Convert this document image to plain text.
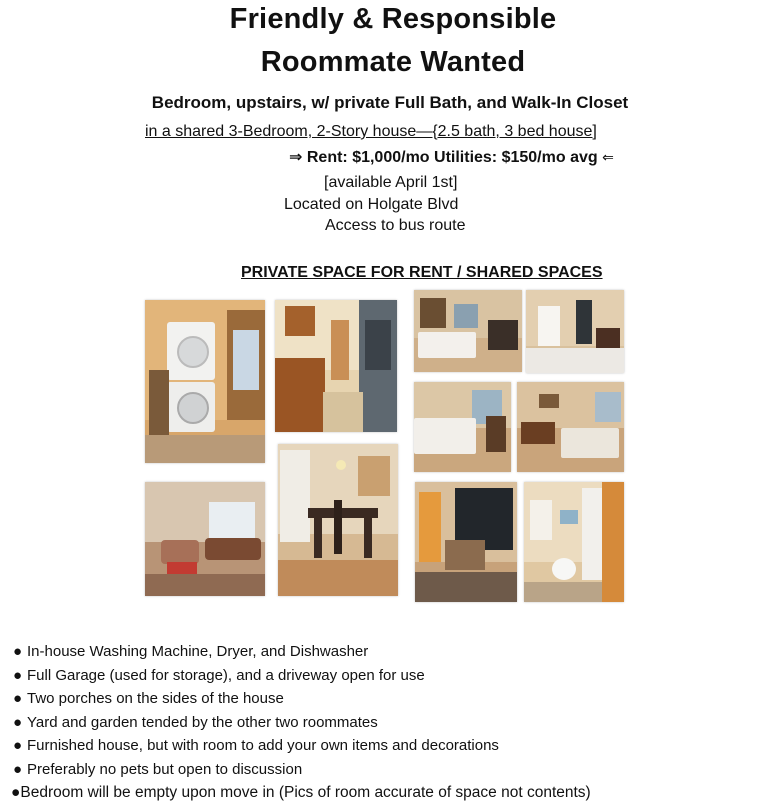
Friendly & Responsible
Roommate Wanted
Bedroom, upstairs, w/ private Full Bath, and Walk-In Closet
in a shared 3-Bedroom, 2-Story house—{2.5 bath, 3 bed house]
⇒ Rent: $1,000/mo Utilities: $150/mo avg ⇐
[available April 1st]
Located on Holgate Blvd
Access to bus route
PRIVATE SPACE FOR RENT / SHARED SPACES
● In-house Washing Machine, Dryer, and Dishwasher
● Full Garage (used for storage), and a driveway open for use
● Two porches on the sides of the house
● Yard and garden tended by the other two roommates
● Furnished house, but with room to add your own items and decorations
● Preferably no pets but open to discussion
●Bedroom will be empty upon move in (Pics of room accurate of space not contents)
